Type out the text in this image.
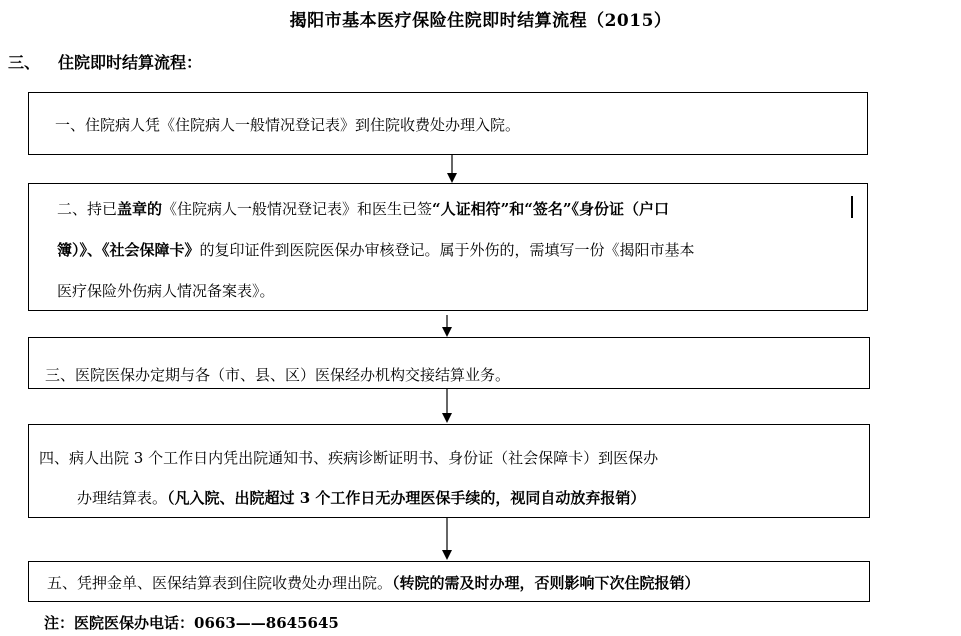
揭阳市基本医疗保险住院即时结算流程（2015）
三、 住院即时结算流程：
一、住院病人凭《住院病人一般情况登记表》到住院收费处办理入院。
二、持已盖章的《住院病人一般情况登记表》和医生已签“人证相符”和“签名”《身份证（户口
簿）》、《社会保障卡》的复印证件到医院医保办审核登记。属于外伤的，需填写一份《揭阳市基本
医疗保险外伤病人情况备案表》。
三、医院医保办定期与各（市、县、区）医保经办机构交接结算业务。
四、病人出院 3 个工作日内凭出院通知书、疾病诊断证明书、身份证（社会保障卡）到医保办
办理结算表。（凡入院、出院超过 3 个工作日无办理医保手续的，视同自动放弃报销）
五、凭押金单、医保结算表到住院收费处办理出院。（转院的需及时办理，否则影响下次住院报销）
注：医院医保办电话：0663——8645645
